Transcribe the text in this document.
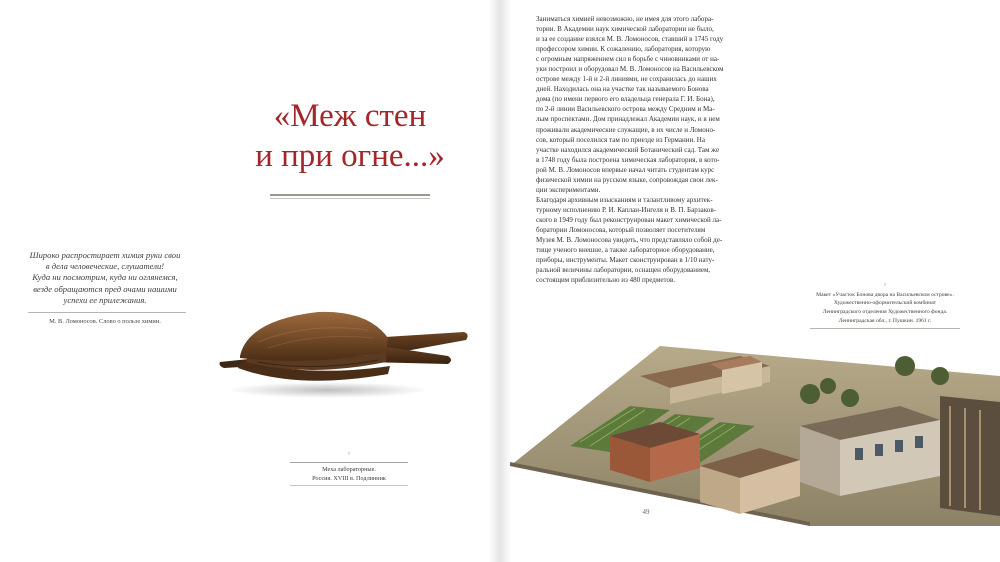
«Меж стен
и при огне...»
Широко распростирает химия руки свои
в дела человеческие, слушатели!
Куда ни посмотрим, куда ни оглянемся,
везде обращаются пред очами нашими
успехи ее прилежания.
М. В. Ломоносов. Слово о пользе химии.
▿
Меха лабораторные.
Россия. XVIII в. Подлинник
Заниматься химией невозможно, не имея для этого лабора-
тории. В Академии наук химической лаборатории не было,
и за ее создание взялся М. В. Ломоносов, ставший в 1745 году
профессором химии. К сожалению, лаборатория, которую
с огромным напряжением сил в борьбе с чиновниками от на-
уки построил и оборудовал М. В. Ломоносов на Васильевском
острове между 1-й и 2-й линиями, не сохранилась до наших
дней. Находилась она на участке так называемого Бонова
дома (по имени первого его владельца генерала Г. И. Бона),
по 2-й линии Васильевского острова между Средним и Ма-
лым проспектами. Дом принадлежал Академии наук, и в нем
проживали академические служащие, в их числе и Ломоно-
сов, который поселился там по приезде из Германии. На
участке находился академический Ботанический сад. Там же
в 1748 году была построена химическая лаборатория, в кото-
рой М. В. Ломоносов впервые начал читать студентам курс
физической химии на русском языке, сопровождая свои лек-
ции экспериментами.
Благодаря архивным изысканиям и талантливому архитек-
турному исполнению Р. И. Каплан-Ингеля и В. П. Барзаков-
ского в 1949 году был реконструирован макет химической ла-
боратории Ломоносова, который позволяет посетителям
Музея М. В. Ломоносова увидеть, что представляло собой де-
тище ученого внешне, а также лабораторное оборудование,
приборы, инструменты. Макет сконструирован в 1/10 нату-
ральной величины лаборатории, оснащен оборудованием,
состоящим приблизительно из 480 предметов.
▿
Макет «Участок Бонова двора на Васильевском острове».
Художественно-оформительский комбинат
Ленинградского отделения Художественного фонда.
Ленинградская обл., г. Пушкин. 1961 г.
49
